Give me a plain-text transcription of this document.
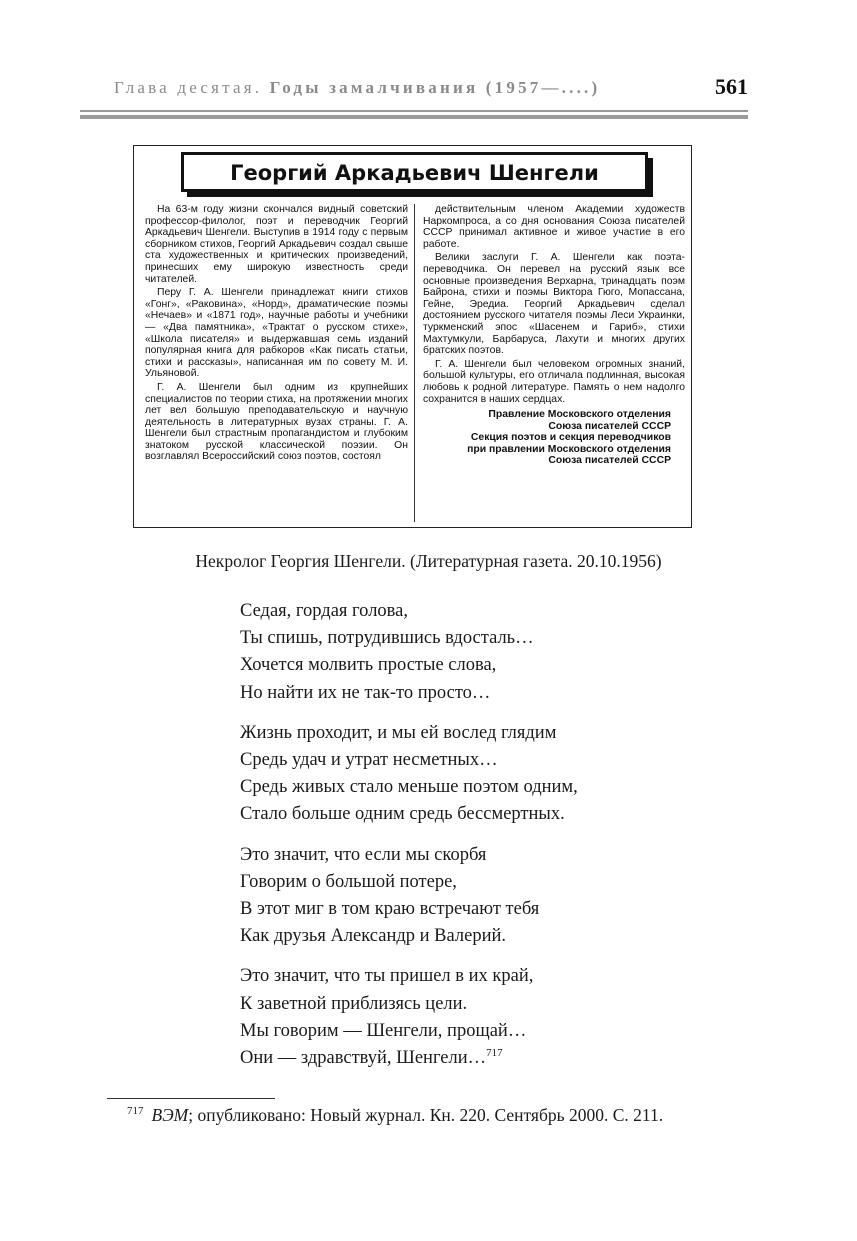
Глава десятая. Годы замалчивания (1957—....)	561
Георгий Аркадьевич Шенгели

На 63-м году жизни скончался видный советский профессор-филолог, поэт и переводчик Георгий Аркадьевич Шенгели. Выступив в 1914 году с первым сборником стихов, Георгий Аркадьевич создал свыше ста художественных и критических произведений, принесших ему широкую известность среди читателей.

Перу Г. А. Шенгели принадлежат книги стихов «Гонг», «Раковина», «Норд», драматические поэмы «Нечаев» и «1871 год», научные работы и учебники — «Два памятника», «Трактат о русском стихе», «Школа писателя» и выдержавшая семь изданий популярная книга для рабкоров «Как писать статьи, стихи и рассказы», написанная им по совету М. И. Ульяновой.

Г. А. Шенгели был одним из крупнейших специалистов по теории стиха, на протяжении многих лет вел большую преподавательскую и научную деятельность в литературных вузах страны. Г. А. Шенгели был страстным пропагандистом и глубоким знатоком русской классической поэзии. Он возглавлял Всероссийский союз поэтов, состоял

действительным членом Академии художеств Наркомпроса, а со дня основания Союза писателей СССР принимал активное и живое участие в его работе.

Велики заслуги Г. А. Шенгели как поэта-переводчика. Он перевел на русский язык все основные произведения Верхарна, тринадцать поэм Байрона, стихи и поэмы Виктора Гюго, Мопассана, Гейне, Эредиа. Георгий Аркадьевич сделал достоянием русского читателя поэмы Леси Украинки, туркменский эпос «Шасенем и Гариб», стихи Махтумкули, Барбаруса, Лахути и многих других братских поэтов.

Г. А. Шенгели был человеком огромных знаний, большой культуры, его отличала подлинная, высокая любовь к родной литературе. Память о нем надолго сохранится в наших сердцах.

Правление Московского отделения
Союза писателей СССР
Секция поэтов и секция переводчиков
при правлении Московского отделения
Союза писателей СССР
Некролог Георгия Шенгели. (Литературная газета. 20.10.1956)
Седая, гордая голова,
Ты спишь, потрудившись вдосталь…
Хочется молвить простые слова,
Но найти их не так-то просто…
Жизнь проходит, и мы ей вослед глядим
Средь удач и утрат несметных…
Средь живых стало меньше поэтом одним,
Стало больше одним средь бессмертных.
Это значит, что если мы скорбя
Говорим о большой потере,
В этот миг в том краю встречают тебя
Как друзья Александр и Валерий.
Это значит, что ты пришел в их край,
К заветной приблизясь цели.
Мы говорим — Шенгели, прощай…
Они — здравствуй, Шенгели…$^{717}$
$^{717}$ ВЭМ; опубликовано: Новый журнал. Кн. 220. Сентябрь 2000. С. 211.
